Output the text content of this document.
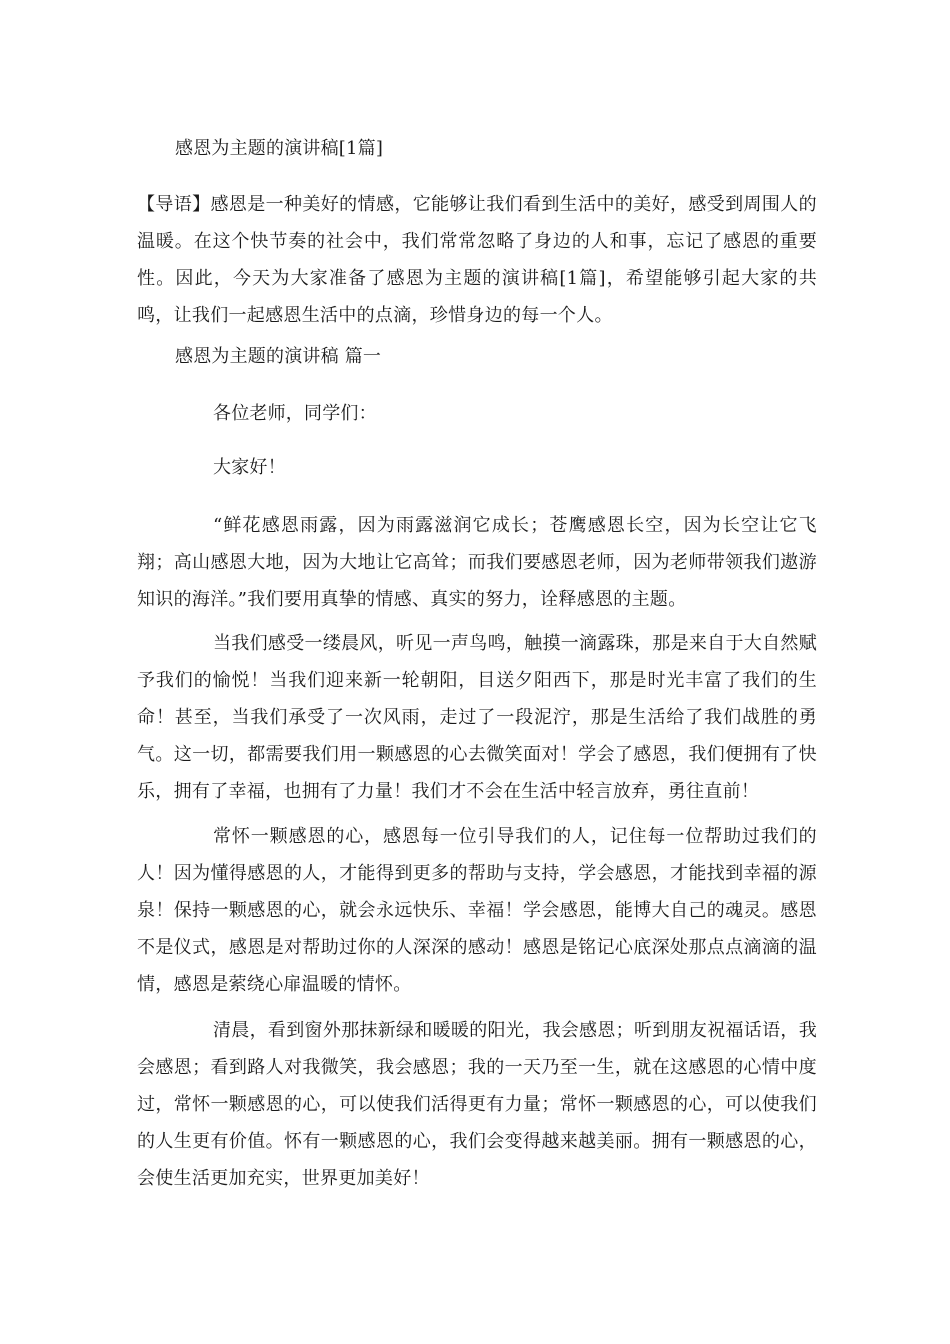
感恩为主题的演讲稿[1篇]
【导语】感恩是一种美好的情感，它能够让我们看到生活中的美好，感受到周围人的温暖。在这个快节奏的社会中，我们常常忽略了身边的人和事，忘记了感恩的重要性。因此，今天为大家准备了感恩为主题的演讲稿[1篇]，希望能够引起大家的共鸣，让我们一起感恩生活中的点滴，珍惜身边的每一个人。
感恩为主题的演讲稿 篇一
各位老师，同学们：
大家好！
“鲜花感恩雨露，因为雨露滋润它成长；苍鹰感恩长空，因为长空让它飞翔；高山感恩大地，因为大地让它高耸；而我们要感恩老师，因为老师带领我们遨游知识的海洋。”我们要用真挚的情感、真实的努力，诠释感恩的主题。
当我们感受一缕晨风，听见一声鸟鸣，触摸一滴露珠，那是来自于大自然赋予我们的愉悦！当我们迎来新一轮朝阳，目送夕阳西下，那是时光丰富了我们的生命！甚至，当我们承受了一次风雨，走过了一段泥泞，那是生活给了我们战胜的勇气。这一切，都需要我们用一颗感恩的心去微笑面对！学会了感恩，我们便拥有了快乐，拥有了幸福，也拥有了力量！我们才不会在生活中轻言放弃，勇往直前！
常怀一颗感恩的心，感恩每一位引导我们的人，记住每一位帮助过我们的人！因为懂得感恩的人，才能得到更多的帮助与支持，学会感恩，才能找到幸福的源泉！保持一颗感恩的心，就会永远快乐、幸福！学会感恩，能博大自己的魂灵。感恩不是仪式，感恩是对帮助过你的人深深的感动！感恩是铭记心底深处那点点滴滴的温情，感恩是萦绕心扉温暖的情怀。
清晨，看到窗外那抹新绿和暖暖的阳光，我会感恩；听到朋友祝福话语，我会感恩；看到路人对我微笑，我会感恩；我的一天乃至一生，就在这感恩的心情中度过，常怀一颗感恩的心，可以使我们活得更有力量；常怀一颗感恩的心，可以使我们的人生更有价值。怀有一颗感恩的心，我们会变得越来越美丽。拥有一颗感恩的心，会使生活更加充实，世界更加美好！
